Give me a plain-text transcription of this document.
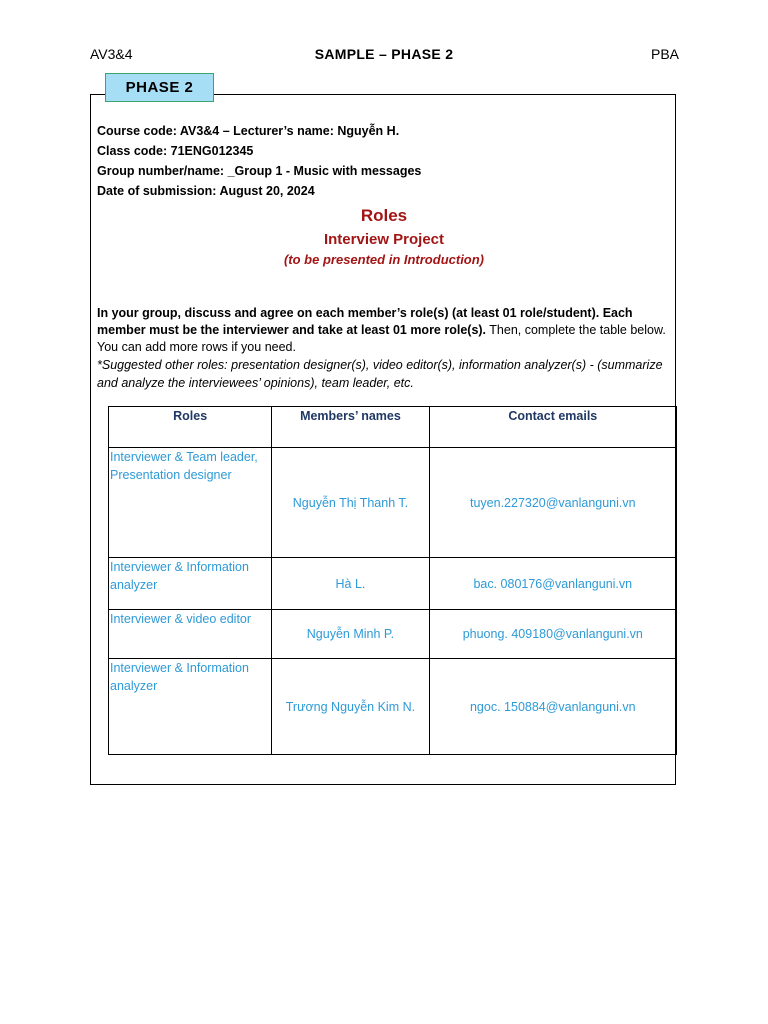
AV3&4	SAMPLE – PHASE 2	PBA
PHASE 2
Course code: AV3&4 – Lecturer’s name: Nguyễn H.
Class code: 71ENG012345
Group number/name: _Group 1 - Music with messages
Date of submission: August 20, 2024
Roles
Interview Project
(to be presented in Introduction)
In your group, discuss and agree on each member’s role(s) (at least 01 role/student). Each member must be the interviewer and take at least 01 more role(s). Then, complete the table below. You can add more rows if you need.
*Suggested other roles: presentation designer(s), video editor(s), information analyzer(s) - (summarize and analyze the interviewees’ opinions), team leader, etc.
Roles	Members’ names	Contact emails
Interviewer & Team leader, Presentation designer	Nguyễn Thị Thanh T.	tuyen.227320@vanlanguni.vn
Interviewer & Information analyzer	Hà L.	bac. 080176@vanlanguni.vn
Interviewer & video editor	Nguyễn Minh P.	phuong. 409180@vanlanguni.vn
Interviewer & Information analyzer	Trương Nguyễn Kim N.	ngoc. 150884@vanlanguni.vn
